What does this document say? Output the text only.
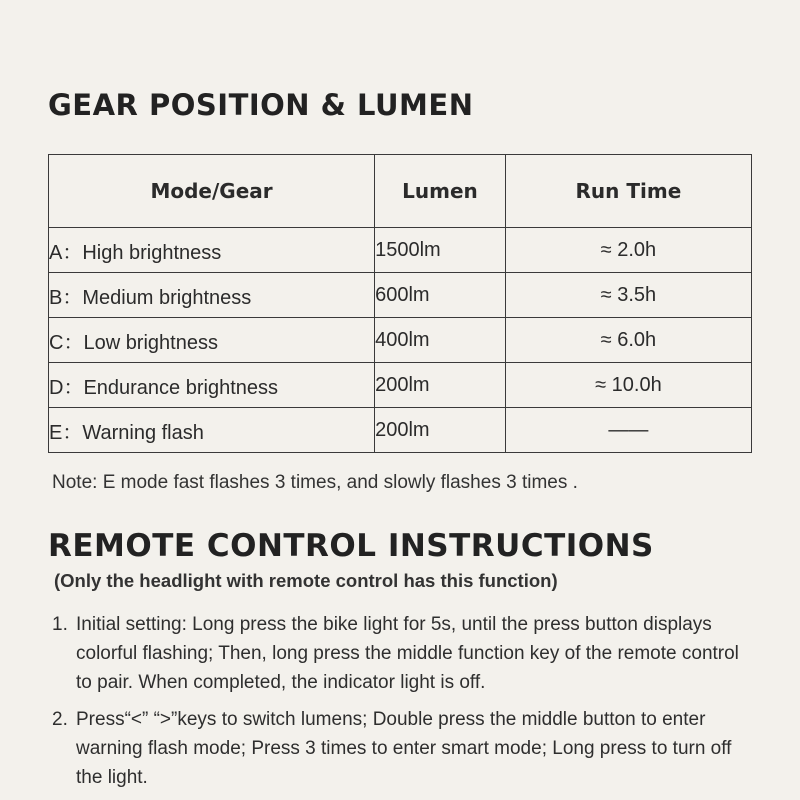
GEAR POSITION & LUMEN
Mode/Gear	Lumen	Run Time
A：High brightness	1500lm	≈ 2.0h
B：Medium brightness	600lm	≈ 3.5h
C：Low brightness	400lm	≈ 6.0h
D：Endurance brightness	200lm	≈ 10.0h
E：Warning flash	200lm	——

Note: E mode fast flashes 3 times, and slowly flashes 3 times .

REMOTE CONTROL INSTRUCTIONS

(Only the headlight with remote control has this function)

1. Initial setting: Long press the bike light for 5s, until the press button displays colorful flashing; Then, long press the middle function key of the remote control to pair. When completed, the indicator light is off.
2. Press“<” “>”keys to switch lumens; Double press the middle button to enter warning flash mode; Press 3 times to enter smart mode; Long press to turn off the light.
